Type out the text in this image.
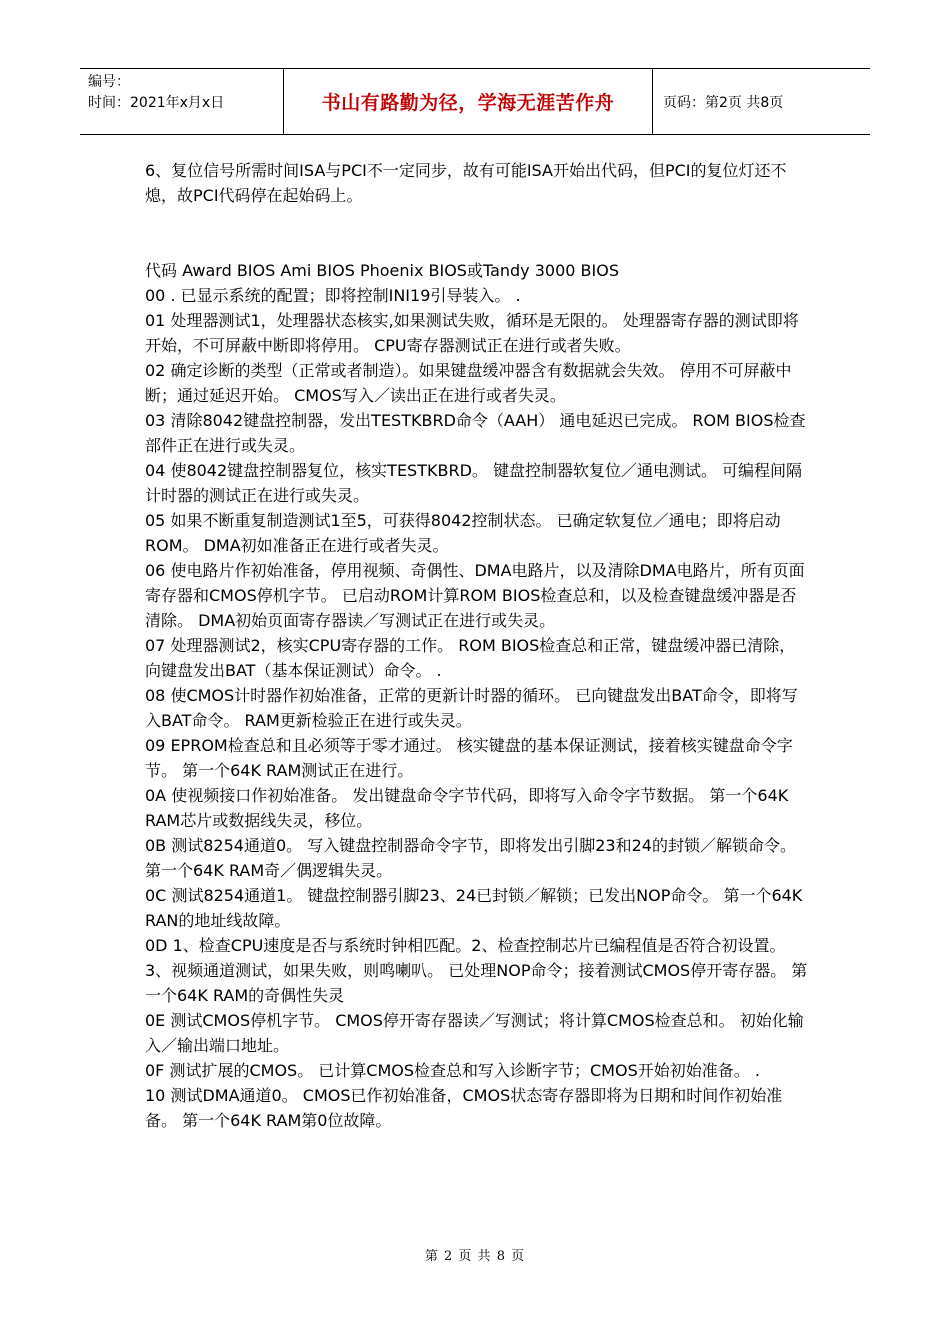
编号：
时间：2021年x月x日	书山有路勤为径，学海无涯苦作舟	页码：第2页 共8页

6、复位信号所需时间ISA与PCI不一定同步，故有可能ISA开始出代码，但PCI的复位灯还不熄，故PCI代码停在起始码上。

代码 Award BIOS Ami BIOS Phoenix BIOS或Tandy 3000 BIOS

00 . 已显示系统的配置；即将控制INI19引导装入。 .

01 处理器测试1，处理器状态核实,如果测试失败，循环是无限的。 处理器寄存器的测试即将开始，不可屏蔽中断即将停用。 CPU寄存器测试正在进行或者失败。

02 确定诊断的类型（正常或者制造）。如果键盘缓冲器含有数据就会失效。 停用不可屏蔽中断；通过延迟开始。 CMOS写入／读出正在进行或者失灵。

03 清除8042键盘控制器，发出TESTKBRD命令（AAH） 通电延迟已完成。 ROM BIOS检查部件正在进行或失灵。

04 使8042键盘控制器复位，核实TESTKBRD。 键盘控制器软复位／通电测试。 可编程间隔计时器的测试正在进行或失灵。

05 如果不断重复制造测试1至5，可获得8042控制状态。 已确定软复位／通电；即将启动ROM。 DMA初如准备正在进行或者失灵。

06 使电路片作初始准备，停用视频、奇偶性、DMA电路片，以及清除DMA电路片，所有页面寄存器和CMOS停机字节。 已启动ROM计算ROM BIOS检查总和，以及检查键盘缓冲器是否清除。 DMA初始页面寄存器读／写测试正在进行或失灵。

07 处理器测试2，核实CPU寄存器的工作。 ROM BIOS检查总和正常，键盘缓冲器已清除，向键盘发出BAT（基本保证测试）命令。 .

08 使CMOS计时器作初始准备，正常的更新计时器的循环。 已向键盘发出BAT命令，即将写入BAT命令。 RAM更新检验正在进行或失灵。

09 EPROM检查总和且必须等于零才通过。 核实键盘的基本保证测试，接着核实键盘命令字节。 第一个64K RAM测试正在进行。

0A 使视频接口作初始准备。 发出键盘命令字节代码，即将写入命令字节数据。 第一个64K RAM芯片或数据线失灵，移位。

0B 测试8254通道0。 写入键盘控制器命令字节，即将发出引脚23和24的封锁／解锁命令。 第一个64K RAM奇／偶逻辑失灵。

0C 测试8254通道1。 键盘控制器引脚23、24已封锁／解锁；已发出NOP命令。 第一个64K RAN的地址线故障。

0D 1、检查CPU速度是否与系统时钟相匹配。2、检查控制芯片已编程值是否符合初设置。3、视频通道测试，如果失败，则鸣喇叭。 已处理NOP命令；接着测试CMOS停开寄存器。 第一个64K RAM的奇偶性失灵

0E 测试CMOS停机字节。 CMOS停开寄存器读／写测试；将计算CMOS检查总和。 初始化输入／输出端口地址。

0F 测试扩展的CMOS。 已计算CMOS检查总和写入诊断字节；CMOS开始初始准备。 .

10 测试DMA通道0。 CMOS已作初始准备，CMOS状态寄存器即将为日期和时间作初始准备。 第一个64K RAM第0位故障。

第 2 页 共 8 页
